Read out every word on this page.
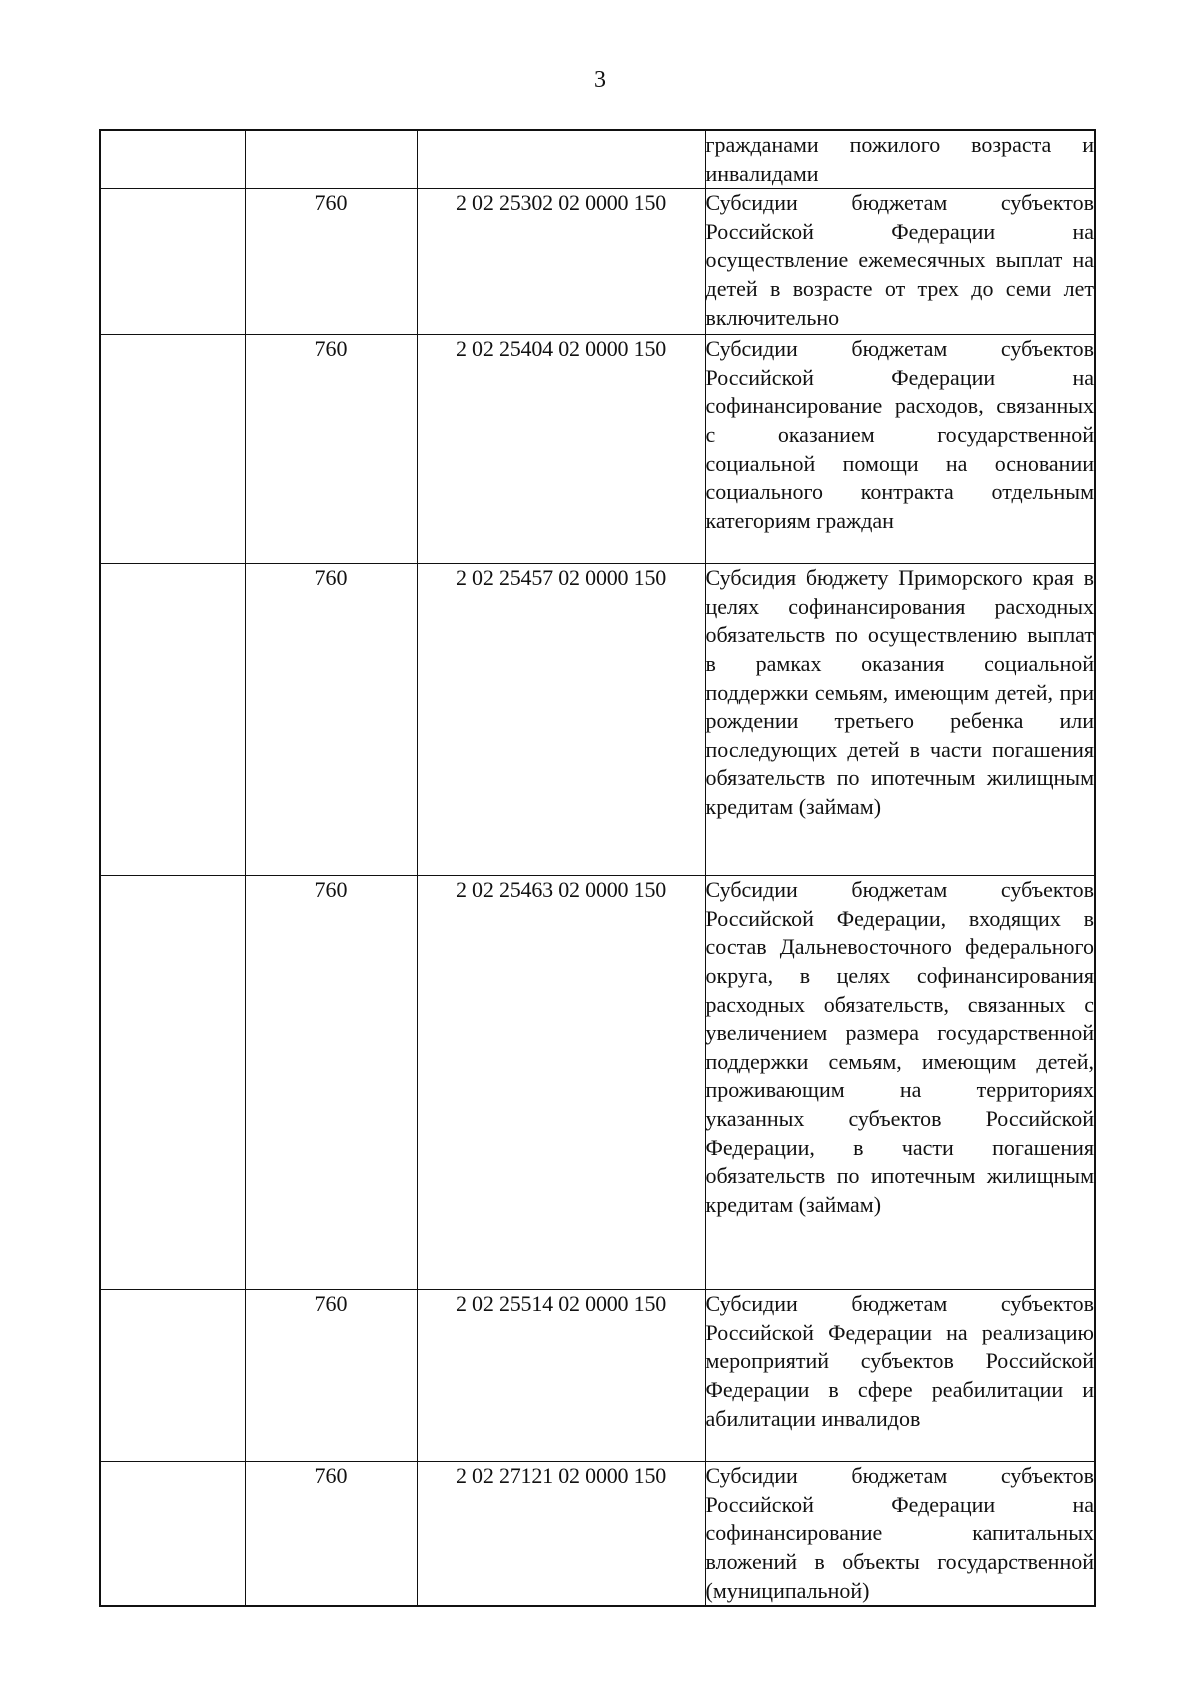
3
			гражданами пожилого возраста и инвалидами
	760	2 02 25302 02 0000 150	Субсидии бюджетам субъектов Российской Федерации на осуществление ежемесячных выплат на детей в возрасте от трех до семи лет включительно
	760	2 02 25404 02 0000 150	Субсидии бюджетам субъектов Российской Федерации на софинансирование расходов, связанных с оказанием государственной социальной помощи на основании социального контракта отдельным категориям граждан
	760	2 02 25457 02 0000 150	Субсидия бюджету Приморского края в целях софинансирования расходных обязательств по осуществлению выплат в рамках оказания социальной поддержки семьям, имеющим детей, при рождении третьего ребенка или последующих детей в части погашения обязательств по ипотечным жилищным кредитам (займам)
	760	2 02 25463 02 0000 150	Субсидии бюджетам субъектов Российской Федерации, входящих в состав Дальневосточного федерального округа, в целях софинансирования расходных обязательств, связанных с увеличением размера государственной поддержки семьям, имеющим детей, проживающим на территориях указанных субъектов Российской Федерации, в части погашения обязательств по ипотечным жилищным кредитам (займам)
	760	2 02 25514 02 0000 150	Субсидии бюджетам субъектов Российской Федерации на реализацию мероприятий субъектов Российской Федерации в сфере реабилитации и абилитации инвалидов
	760	2 02 27121 02 0000 150	Субсидии бюджетам субъектов Российской Федерации на софинансирование капитальных вложений в объекты государственной (муниципальной)
